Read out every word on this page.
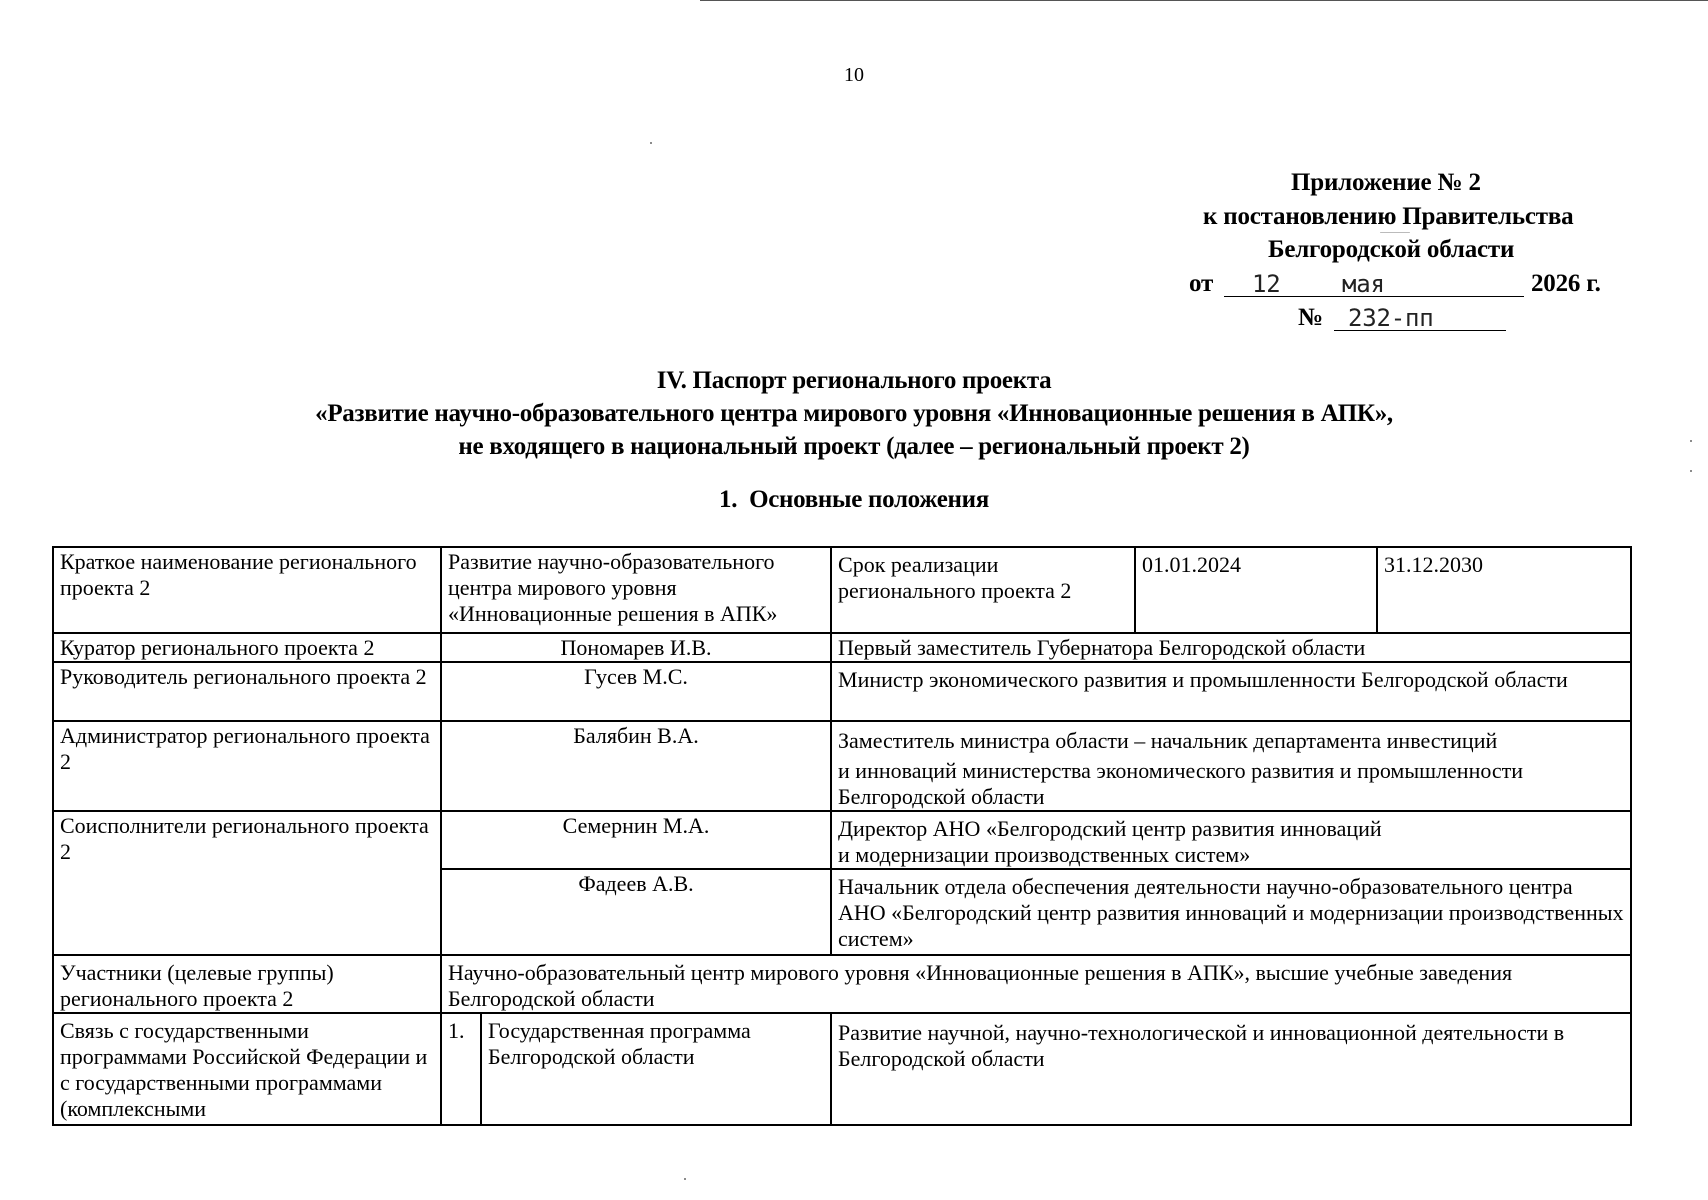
10
Приложение № 2
к постановлению Правительства
Белгородской области
от 12	мая	2026 г.
№ 232-пп
IV. Паспорт регионального проекта
«Развитие научно-образовательного центра мирового уровня «Инновационные решения в АПК»,
не входящего в национальный проект (далее – региональный проект 2)
1. Основные положения
Краткое наименование регионального проекта 2	Развитие научно-образовательного центра мирового уровня «Инновационные решения в АПК»		Срок реализации регионального проекта 2	01.01.2024	31.12.2030
Куратор регионального проекта 2	Пономарев И.В.		Первый заместитель Губернатора Белгородской области		
Руководитель регионального проекта 2	Гусев М.С.		Министр экономического развития и промышленности Белгородской области		
Администратор регионального проекта 2	Балябин В.А.		Заместитель министра области – начальник департамента инвестиций
и инноваций министерства экономического развития и промышленности Белгородской области		

Соисполнители регионального проекта 2	Семернин М.А.		Директор АНО «Белгородский центр развития инноваций
и модернизации производственных систем»		

	Фадеев А.В.		Начальник отдела обеспечения деятельности научно-образовательного центра АНО «Белгородский центр развития инноваций и модернизации производственных систем»		
Участники (целевые группы) регионального проекта 2	Научно-образовательный центр мирового уровня «Инновационные решения в АПК», высшие учебные заведения Белгородской области				
Связь с государственными программами Российской Федерации и с государственными программами (комплексными	1.	Государственная программа Белгородской области	Развитие научной, научно-технологической и инновационной деятельности в Белгородской области		
